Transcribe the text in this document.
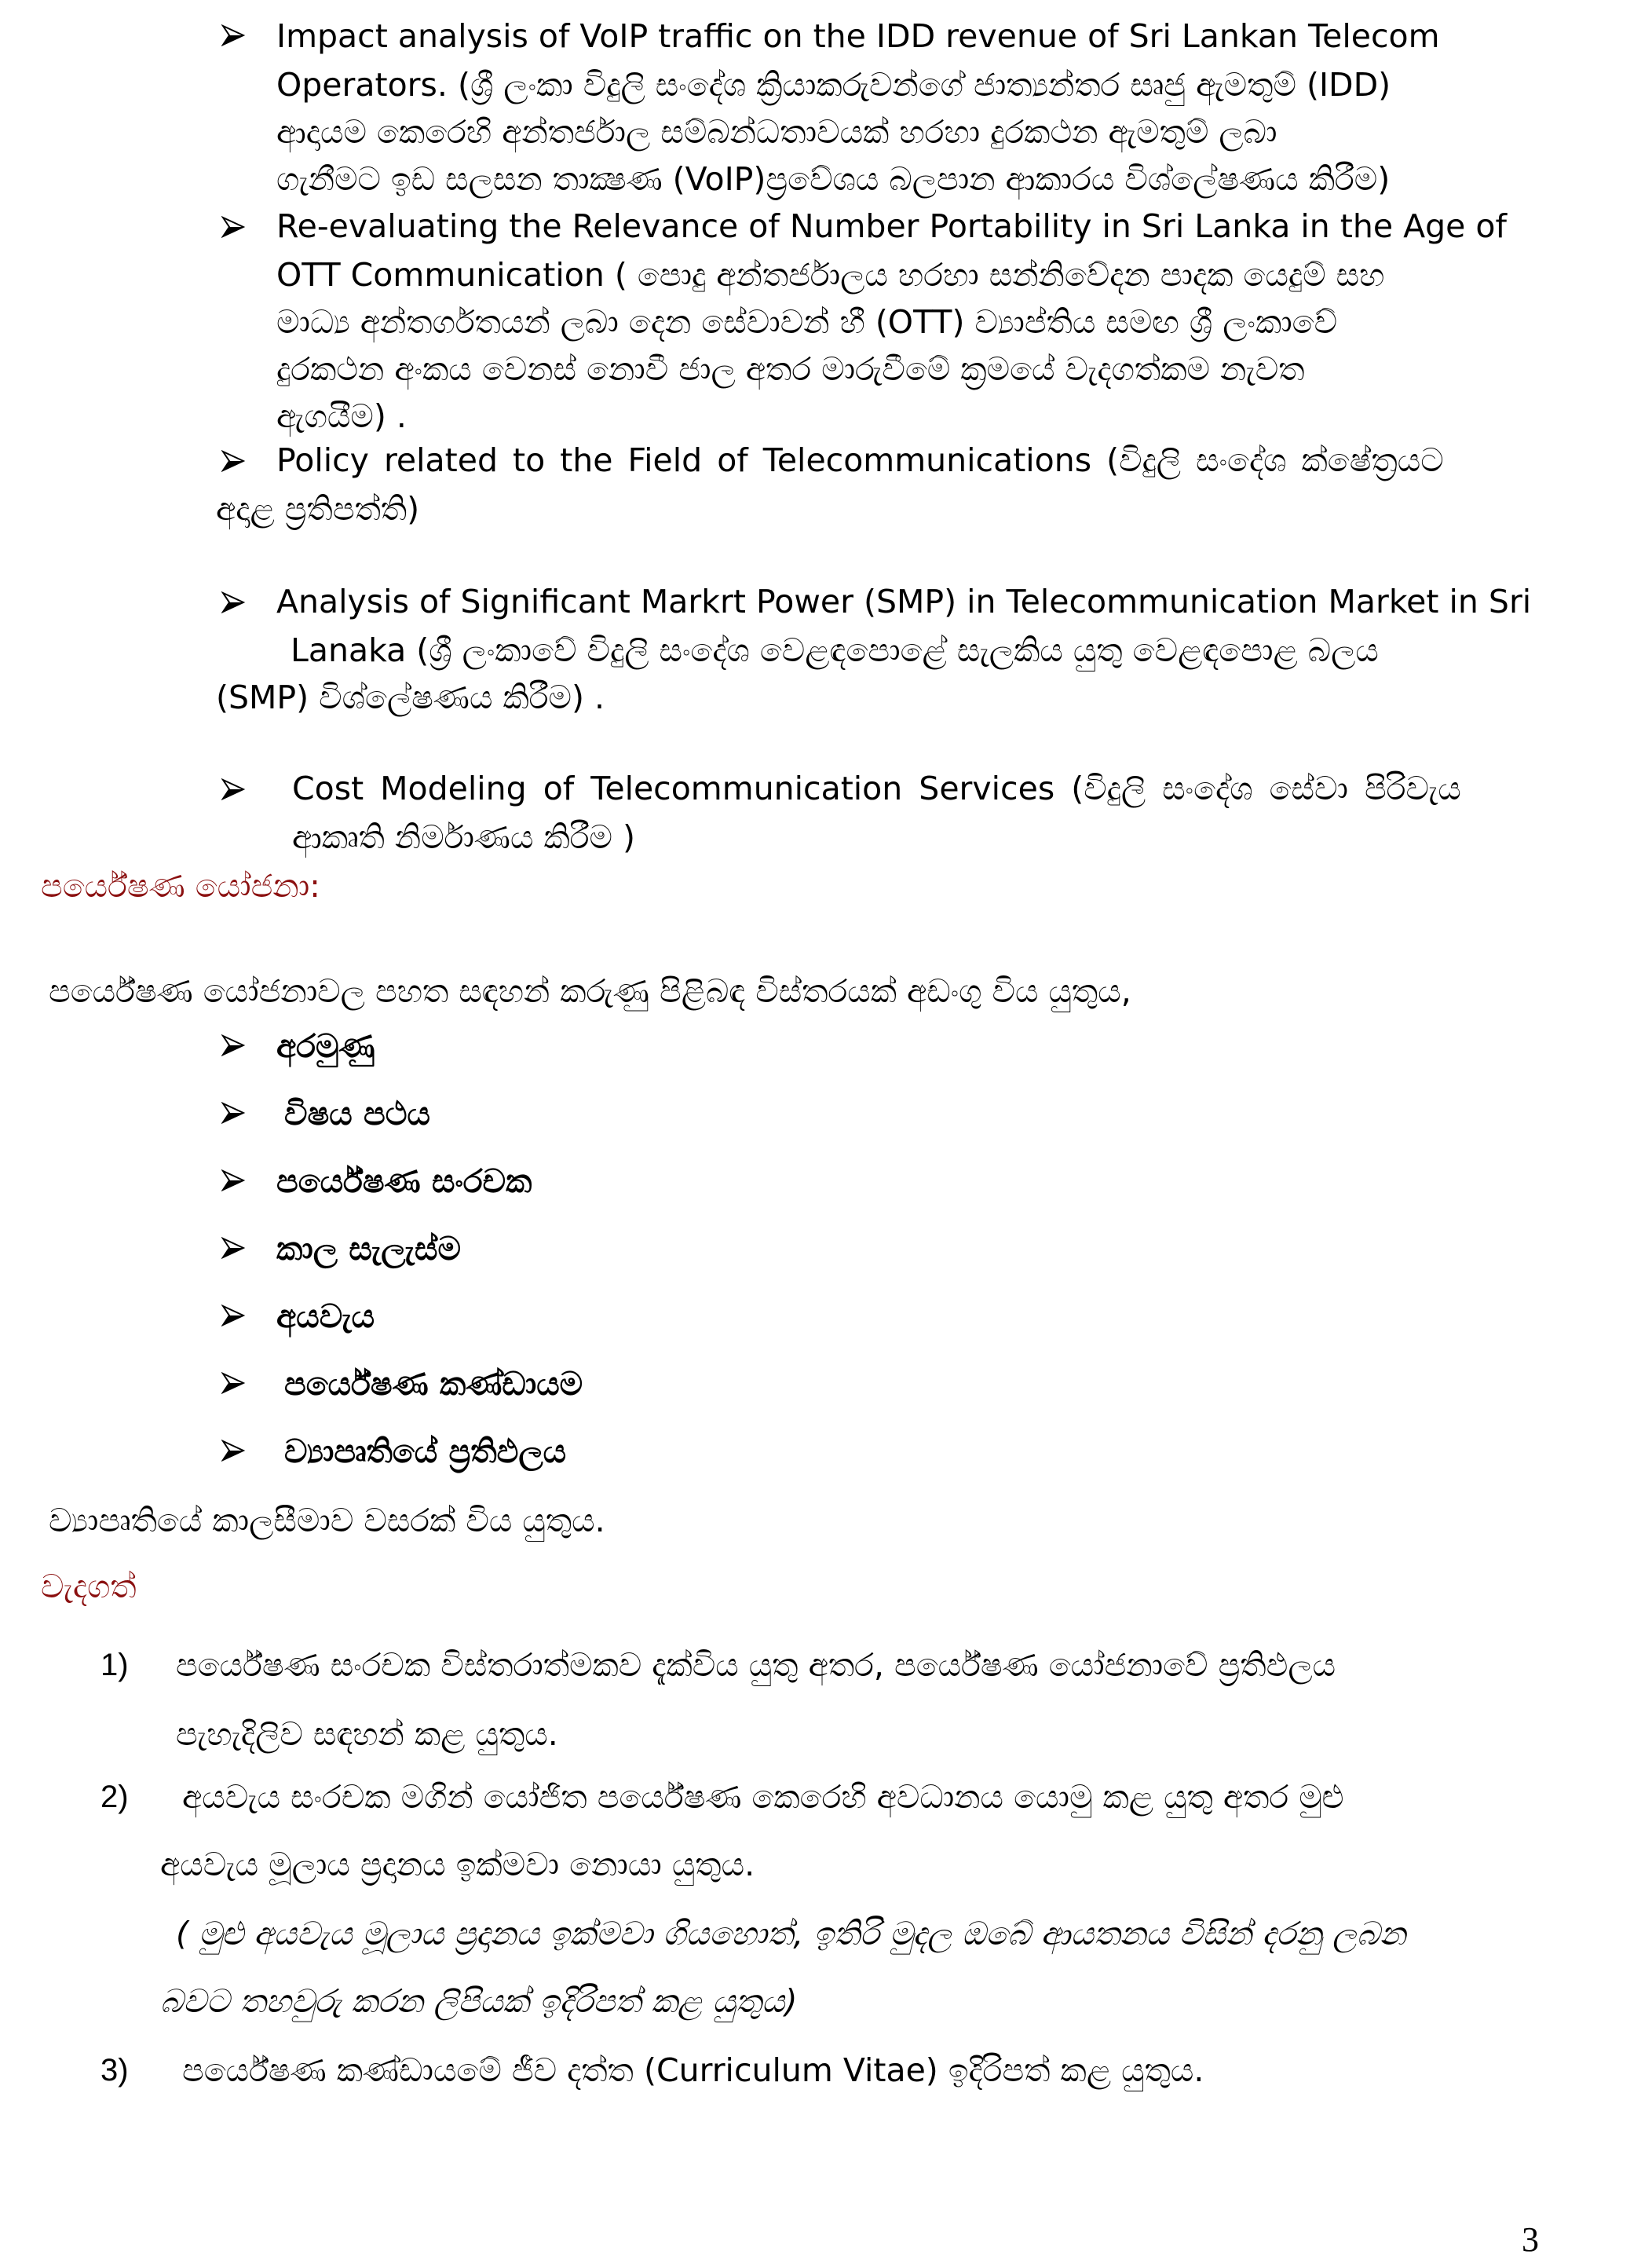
Impact analysis of VoIP traffic on the IDD revenue of Sri Lankan Telecom
Operators. (ශ්‍රී ලංකා විදුලි සංදේශ ක්‍රියාකරුවන්ගේ ජාත්‍යන්තර සෘජු ඇමතුම් (IDD)
ආදායම කෙරෙහි අන්තර්ජාල සම්බන්ධතාවයක් හරහා දුරකථන ඇමතුම් ලබා
ගැනීමට ඉඩ සලසන තාක්‍ෂණ (VoIP)ප්‍රවේශය බලපාන ආකාරය විශ්ලේෂණය කිරීම)
Re-evaluating the Relevance of Number Portability in Sri Lanka in the Age of
OTT Communication ( පොදු අන්තර්ජාලය හරහා සන්නිවේදන පාදක යෙදුම් සහ
මාධ්‍ය අන්තර්ගතයන් ලබා දෙන සේවාවන් හී (OTT) ව්‍යාප්තිය සමඟ ශ්‍රී ලංකාවේ
දුරකථන අංකය වෙනස් නොවී ජාල අතර මාරුවීමේ ක්‍රමයේ වැදගත්කම නැවත
ඇගයීම) .
Policy related to the Field of Telecommunications (විදුලි සංදේශ ක්ෂේත්‍රයට
අදාළ ප්‍රතිපත්ති)
Analysis of Significant Markrt Power (SMP) in Telecommunication Market in Sri
Lanaka (ශ්‍රී ලංකාවේ විදුලි සංදේශ වෙළඳපොළේ සැලකිය යුතු වෙළඳපොළ බලය
(SMP) විශ්ලේෂණය කිරීම) .
Cost Modeling of Telecommunication Services (විදුලි සංදේශ සේවා පිරිවැය
ආකෘති නිර්මාණය කිරීම )
පර්යේෂණ යෝජනා:
පර්යේෂණ යෝජනාවල පහත සඳහන් කරුණු පිළිබඳ විස්තරයක් අඩංගු විය යුතුය,
අරමුණු
විෂය පථය
පර්යේෂණ සංරචක
කාල සැලැස්ම
අයවැය
පර්යේෂණ කණ්ඩායම
ව්‍යාපෘතියේ ප්‍රතිඵලය
ව්‍යාපෘතියේ කාලසීමාව වසරක් විය යුතුය.
වැදගත්
1) පර්යේෂණ සංරචක විස්තරාත්මකව දැක්විය යුතු අතර, පර්යේෂණ යෝජනාවේ ප්‍රතිඵලය
පැහැදිලිව සඳහන් කළ යුතුය.
2) අයවැය සංරචක මගින් යෝජිත පර්යේෂණ කෙරෙහි අවධානය යොමු කළ යුතු අතර මුළු
අයවැය මූලා‍ය ප්‍රදානය ඉක්මවා නොයා යුතුය.
( මුළු අයවැය මූලා‍ය ප්‍රදානය ඉක්මවා ගියහොත්, ඉතිරි මුදල ඔබේ ආයතනය විසින් දරනු ලබන
බවට තහවුරු කරන ලිපියක් ඉදිරිපත් කළ යුතුය)
3) පර්යේෂණ කණ්ඩායමේ ජීව දත්ත (Curriculum Vitae) ඉදිරිපත් කළ යුතුය.
3
